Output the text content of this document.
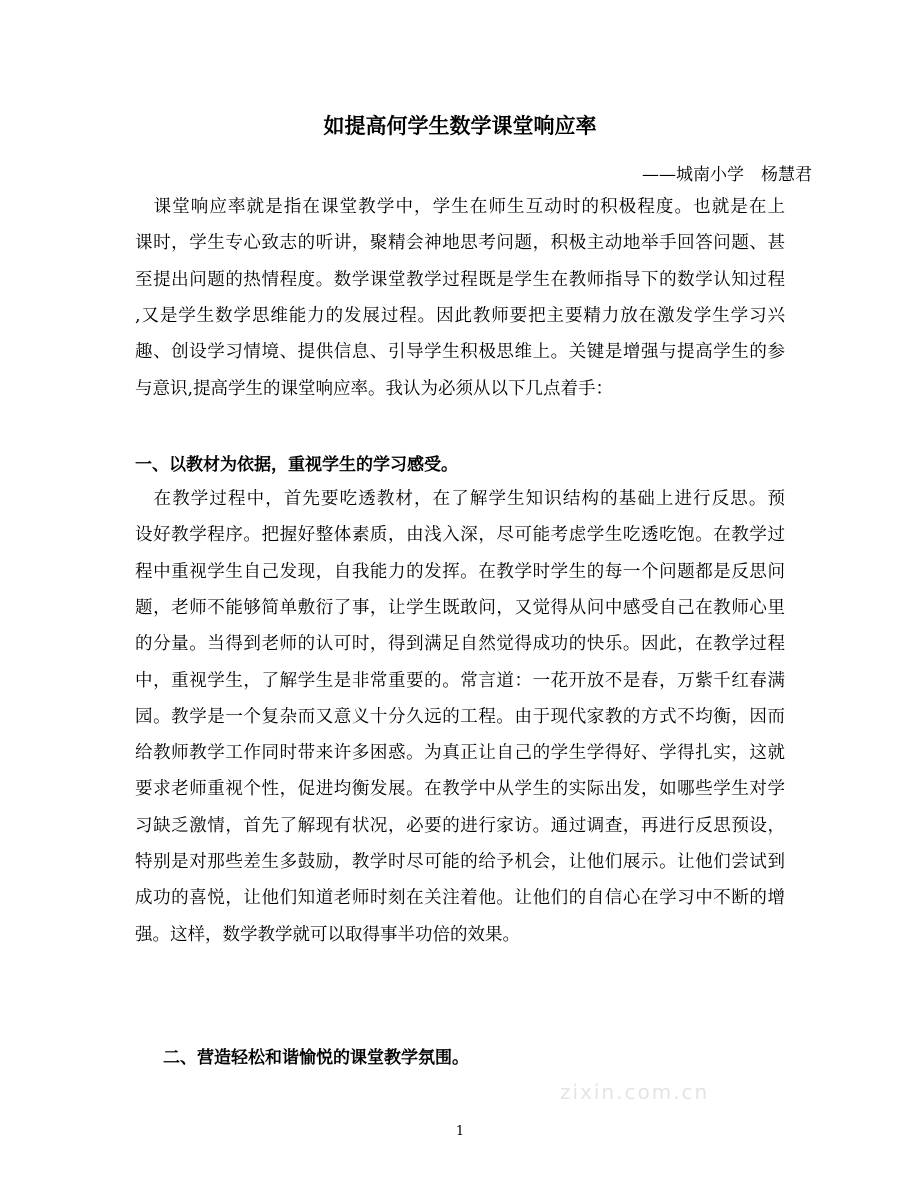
如提高何学生数学课堂响应率
——城南小学　杨慧君
　课堂响应率就是指在课堂教学中，学生在师生互动时的积极程度。也就是在上
课时，学生专心致志的听讲，聚精会神地思考问题，积极主动地举手回答问题、甚
至提出问题的热情程度。数学课堂教学过程既是学生在教师指导下的数学认知过程
,又是学生数学思维能力的发展过程。因此教师要把主要精力放在激发学生学习兴
趣、创设学习情境、提供信息、引导学生积极思维上。关键是增强与提高学生的参
与意识,提高学生的课堂响应率。我认为必须从以下几点着手：
一、以教材为依据，重视学生的学习感受。
　在教学过程中，首先要吃透教材，在了解学生知识结构的基础上进行反思。预
设好教学程序。把握好整体素质，由浅入深，尽可能考虑学生吃透吃饱。在教学过
程中重视学生自己发现，自我能力的发挥。在教学时学生的每一个问题都是反思问
题，老师不能够简单敷衍了事，让学生既敢问，又觉得从问中感受自己在教师心里
的分量。当得到老师的认可时，得到满足自然觉得成功的快乐。因此，在教学过程
中，重视学生，了解学生是非常重要的。常言道：一花开放不是春，万紫千红春满
园。教学是一个复杂而又意义十分久远的工程。由于现代家教的方式不均衡，因而
给教师教学工作同时带来许多困惑。为真正让自己的学生学得好、学得扎实，这就
要求老师重视个性，促进均衡发展。在教学中从学生的实际出发，如哪些学生对学
习缺乏激情，首先了解现有状况，必要的进行家访。通过调查，再进行反思预设，
特别是对那些差生多鼓励，教学时尽可能的给予机会，让他们展示。让他们尝试到
成功的喜悦，让他们知道老师时刻在关注着他。让他们的自信心在学习中不断的增
强。这样，数学教学就可以取得事半功倍的效果。
二、营造轻松和谐愉悦的课堂教学氛围。
zixin.com.cn
1
